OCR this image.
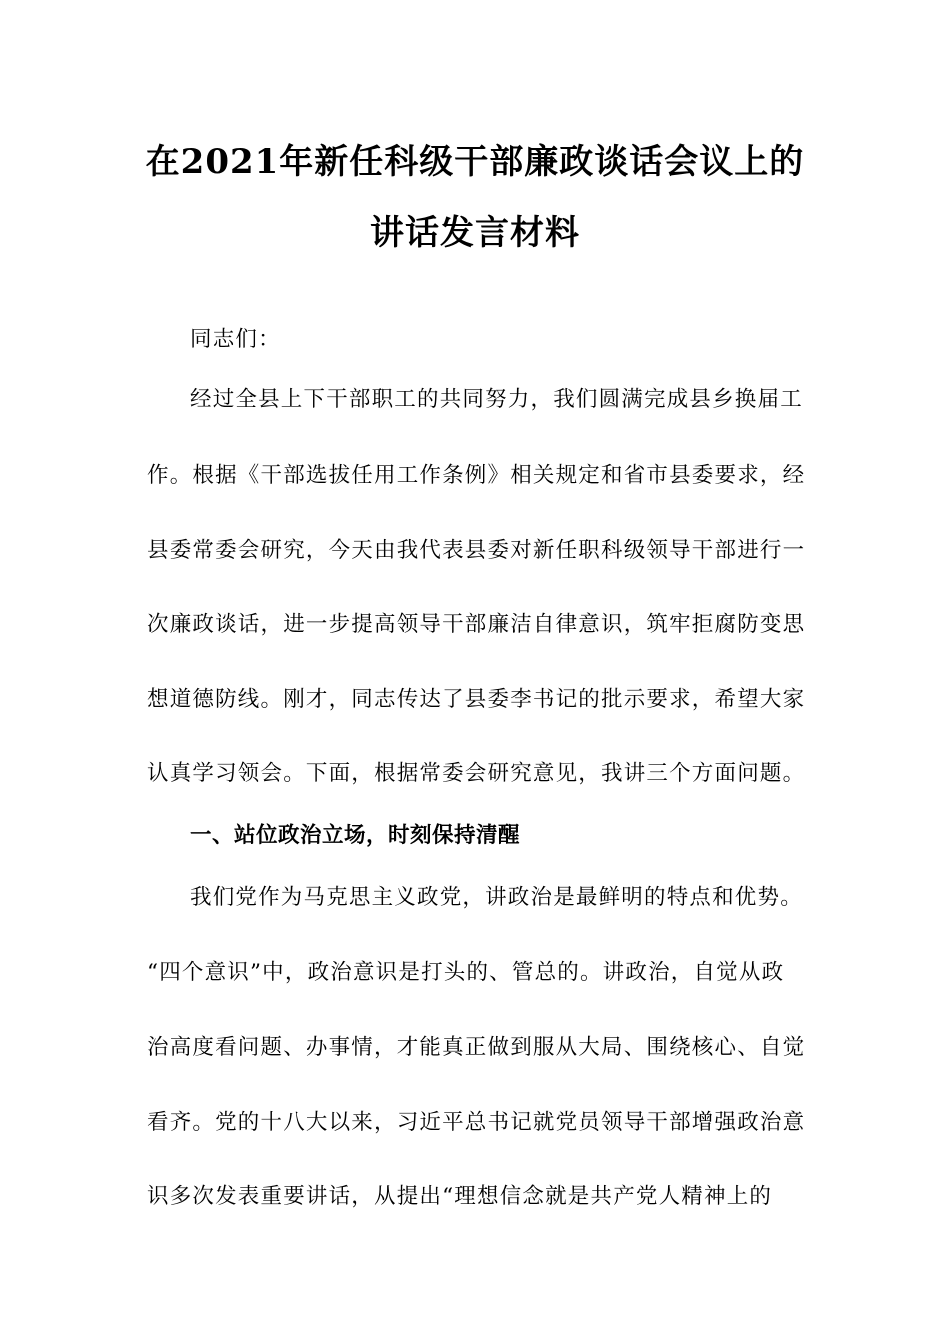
在2021年新任科级干部廉政谈话会议上的
讲话发言材料
同志们：
经过全县上下干部职工的共同努力，我们圆满完成县乡换届工
作。根据《干部选拔任用工作条例》相关规定和省市县委要求，经
县委常委会研究，今天由我代表县委对新任职科级领导干部进行一
次廉政谈话，进一步提高领导干部廉洁自律意识，筑牢拒腐防变思
想道德防线。刚才，同志传达了县委李书记的批示要求，希望大家
认真学习领会。下面，根据常委会研究意见，我讲三个方面问题。
一、站位政治立场，时刻保持清醒
我们党作为马克思主义政党，讲政治是最鲜明的特点和优势。
“四个意识”中，政治意识是打头的、管总的。讲政治，自觉从政
治高度看问题、办事情，才能真正做到服从大局、围绕核心、自觉
看齐。党的十八大以来，习近平总书记就党员领导干部增强政治意
识多次发表重要讲话，从提出“理想信念就是共产党人精神上的
